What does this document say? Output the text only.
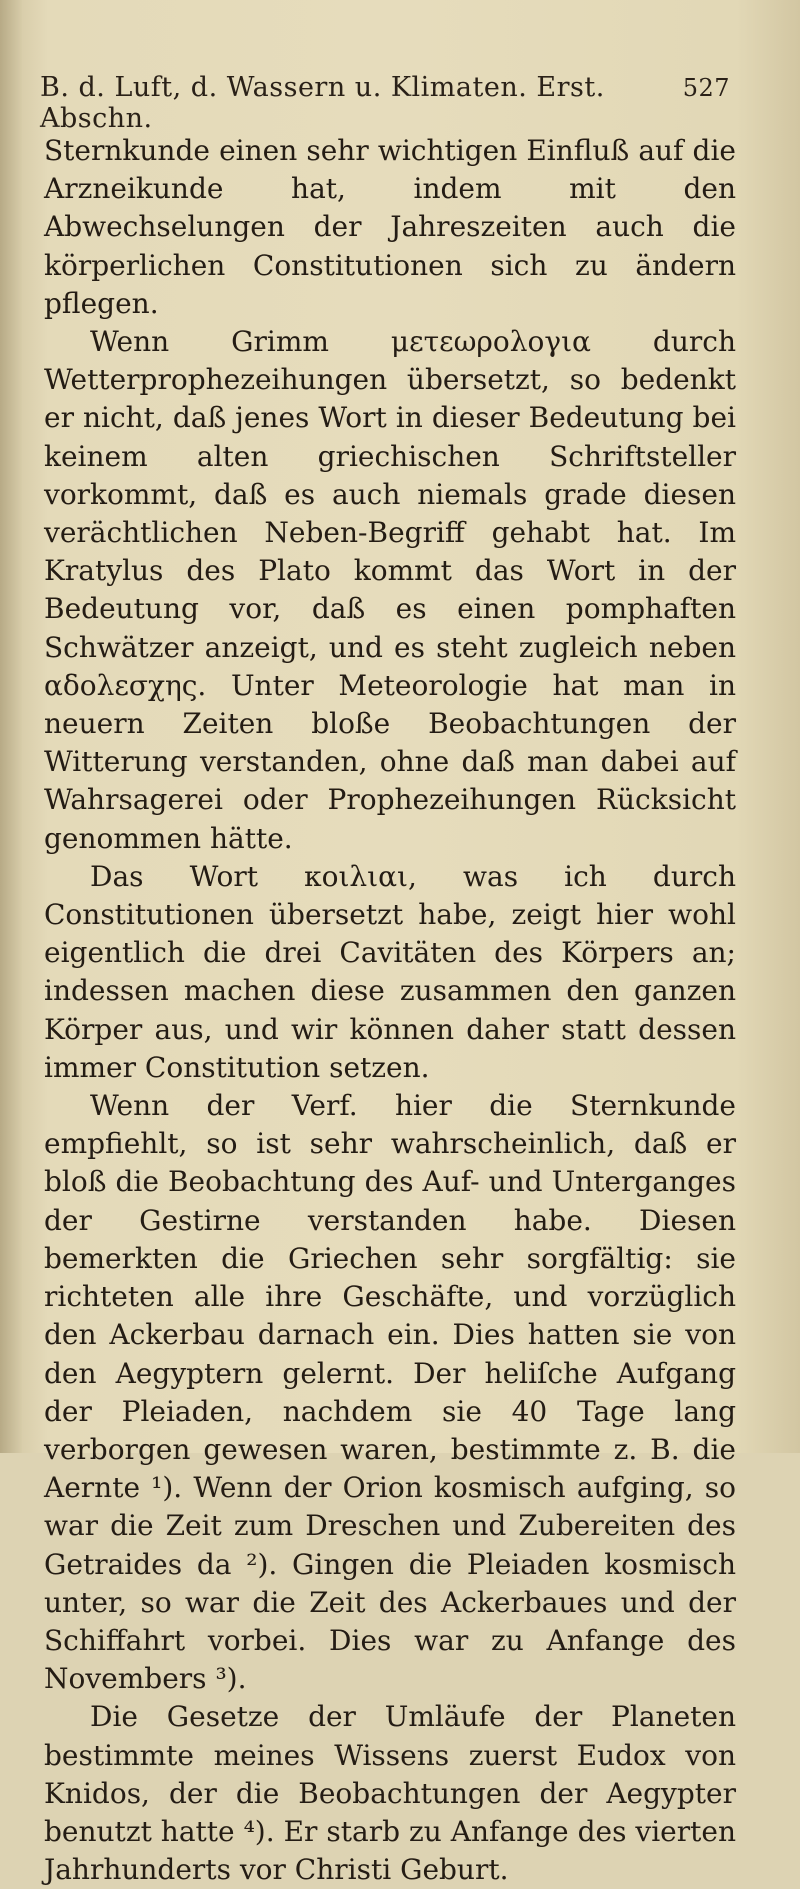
B. d. Luft, d. Wassern u. Klimaten. Erst. Abschn.
527

Sternkunde einen sehr wichtigen Einfluß auf die Arzneikunde hat, indem mit den Abwechselungen der Jahreszeiten auch die körperlichen Constitutionen sich zu ändern pflegen.

Wenn Grimm μετεωρολογια durch Wetterprophezeihungen übersetzt, so bedenkt er nicht, daß jenes Wort in dieser Bedeutung bei keinem alten griechischen Schriftsteller vorkommt, daß es auch niemals grade diesen verächtlichen Neben-Begriff gehabt hat. Im Kratylus des Plato kommt das Wort in der Bedeutung vor, daß es einen pomphaften Schwätzer anzeigt, und es steht zugleich neben αδολεσχης. Unter Meteorologie hat man in neuern Zeiten bloße Beobachtungen der Witterung verstanden, ohne daß man dabei auf Wahrsagerei oder Prophezeihungen Rücksicht genommen hätte.

Das Wort κοιλιαι, was ich durch Constitutionen übersetzt habe, zeigt hier wohl eigentlich die drei Cavitäten des Körpers an; indessen machen diese zusammen den ganzen Körper aus, und wir können daher statt dessen immer Constitution setzen.

Wenn der Verf. hier die Sternkunde empfiehlt, so ist sehr wahrscheinlich, daß er bloß die Beobachtung des Auf- und Unterganges der Gestirne verstanden habe. Diesen bemerkten die Griechen sehr sorgfältig: sie richteten alle ihre Geschäfte, und vorzüglich den Ackerbau darnach ein. Dies hatten sie von den Aegyptern gelernt. Der heliſche Aufgang der Pleiaden, nachdem sie 40 Tage lang verborgen gewesen waren, bestimmte z. B. die Aernte ¹). Wenn der Orion kosmisch aufging, so war die Zeit zum Dreschen und Zubereiten des Getraides da ²). Gingen die Pleiaden kosmisch unter, so war die Zeit des Ackerbaues und der Schiffahrt vorbei. Dies war zu Anfange des Novembers ³).

Die Gesetze der Umläufe der Planeten bestimmte meines Wissens zuerst Eudox von Knidos, der die Beobachtungen der Aegypter benutzt hatte ⁴). Er starb zu Anfange des vierten Jahrhunderts vor Christi Geburt.
